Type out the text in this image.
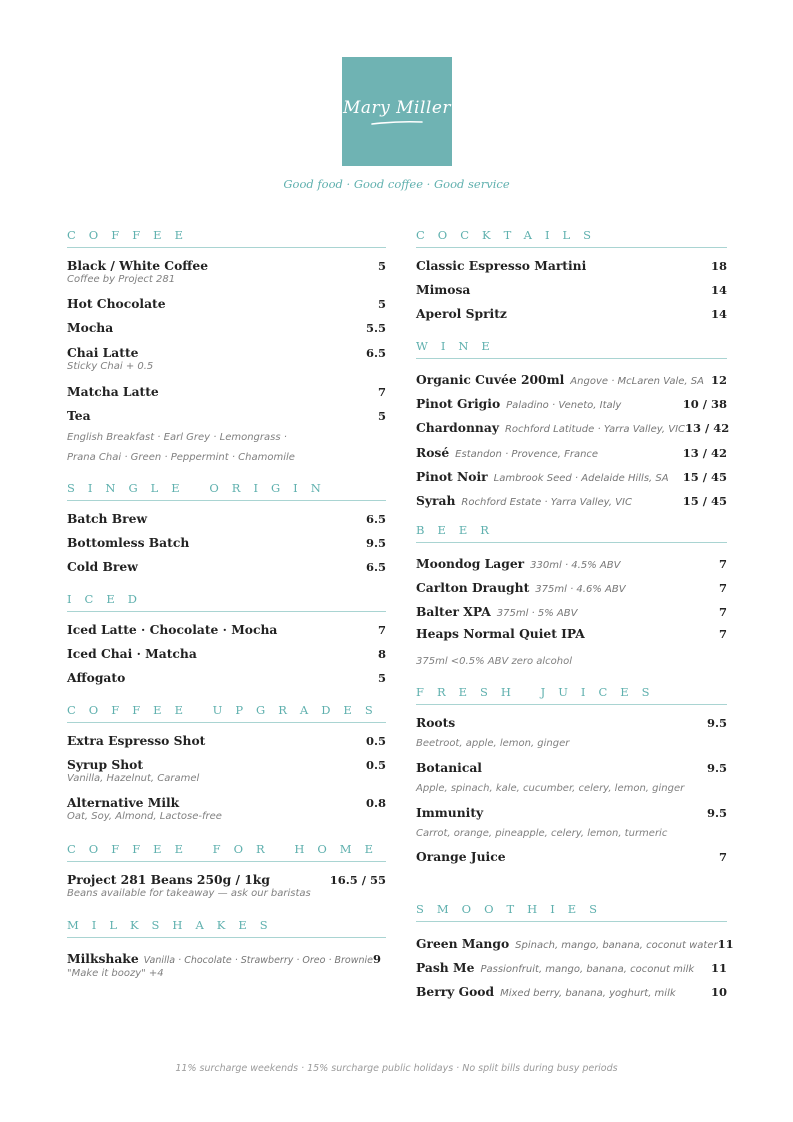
Mary Miller
Good food · Good coffee · Good service
COFFEE
Black / White Coffee	5
Coffee by Project 281
Hot Chocolate	5
Mocha	5.5
Chai Latte	6.5
Sticky Chai + 0.5
Matcha Latte	7
Tea	5
English Breakfast · Earl Grey · Lemongrass ·
Prana Chai · Green · Peppermint · Chamomile
SINGLE ORIGIN
Batch Brew	6.5
Bottomless Batch	9.5
Cold Brew	6.5
ICED
Iced Latte · Chocolate · Mocha	7
Iced Chai · Matcha	8
Affogato	5
COFFEE UPGRADES
Extra Espresso Shot	0.5
Syrup Shot	0.5
Vanilla, Hazelnut, Caramel
Alternative Milk	0.8
Oat, Soy, Almond, Lactose-free
COFFEE FOR HOME
Project 281 Beans 250g / 1kg	16.5 / 55
Beans available for takeaway — ask our baristas
MILKSHAKES
Milkshake Vanilla · Chocolate · Strawberry · Oreo · Brownie 9
"Make it boozy" +4
COCKTAILS
Classic Espresso Martini	18
Mimosa	14
Aperol Spritz	14
WINE
Organic Cuvée 200ml Angove · McLaren Vale, SA 12
Pinot Grigio Paladino · Veneto, Italy	10 / 38
Chardonnay Rochford Latitude · Yarra Valley, VIC 13 / 42
Rosé Estandon · Provence, France	13 / 42
Pinot Noir Lambrook Seed · Adelaide Hills, SA 15 / 45
Syrah Rochford Estate · Yarra Valley, VIC	15 / 45
BEER
Moondog Lager 330ml · 4.5% ABV	7
Carlton Draught 375ml · 4.6% ABV	7
Balter XPA 375ml · 5% ABV	7
Heaps Normal Quiet IPA	7
375ml <0.5% ABV zero alcohol
FRESH JUICES
Roots	9.5
Beetroot, apple, lemon, ginger
Botanical	9.5
Apple, spinach, kale, cucumber, celery, lemon, ginger
Immunity	9.5
Carrot, orange, pineapple, celery, lemon, turmeric
Orange Juice	7
SMOOTHIES
Green Mango Spinach, mango, banana, coconut water 11
Pash Me Passionfruit, mango, banana, coconut milk 11
Berry Good Mixed berry, banana, yoghurt, milk	10
11% surcharge weekends · 15% surcharge public holidays · No split bills during busy periods
